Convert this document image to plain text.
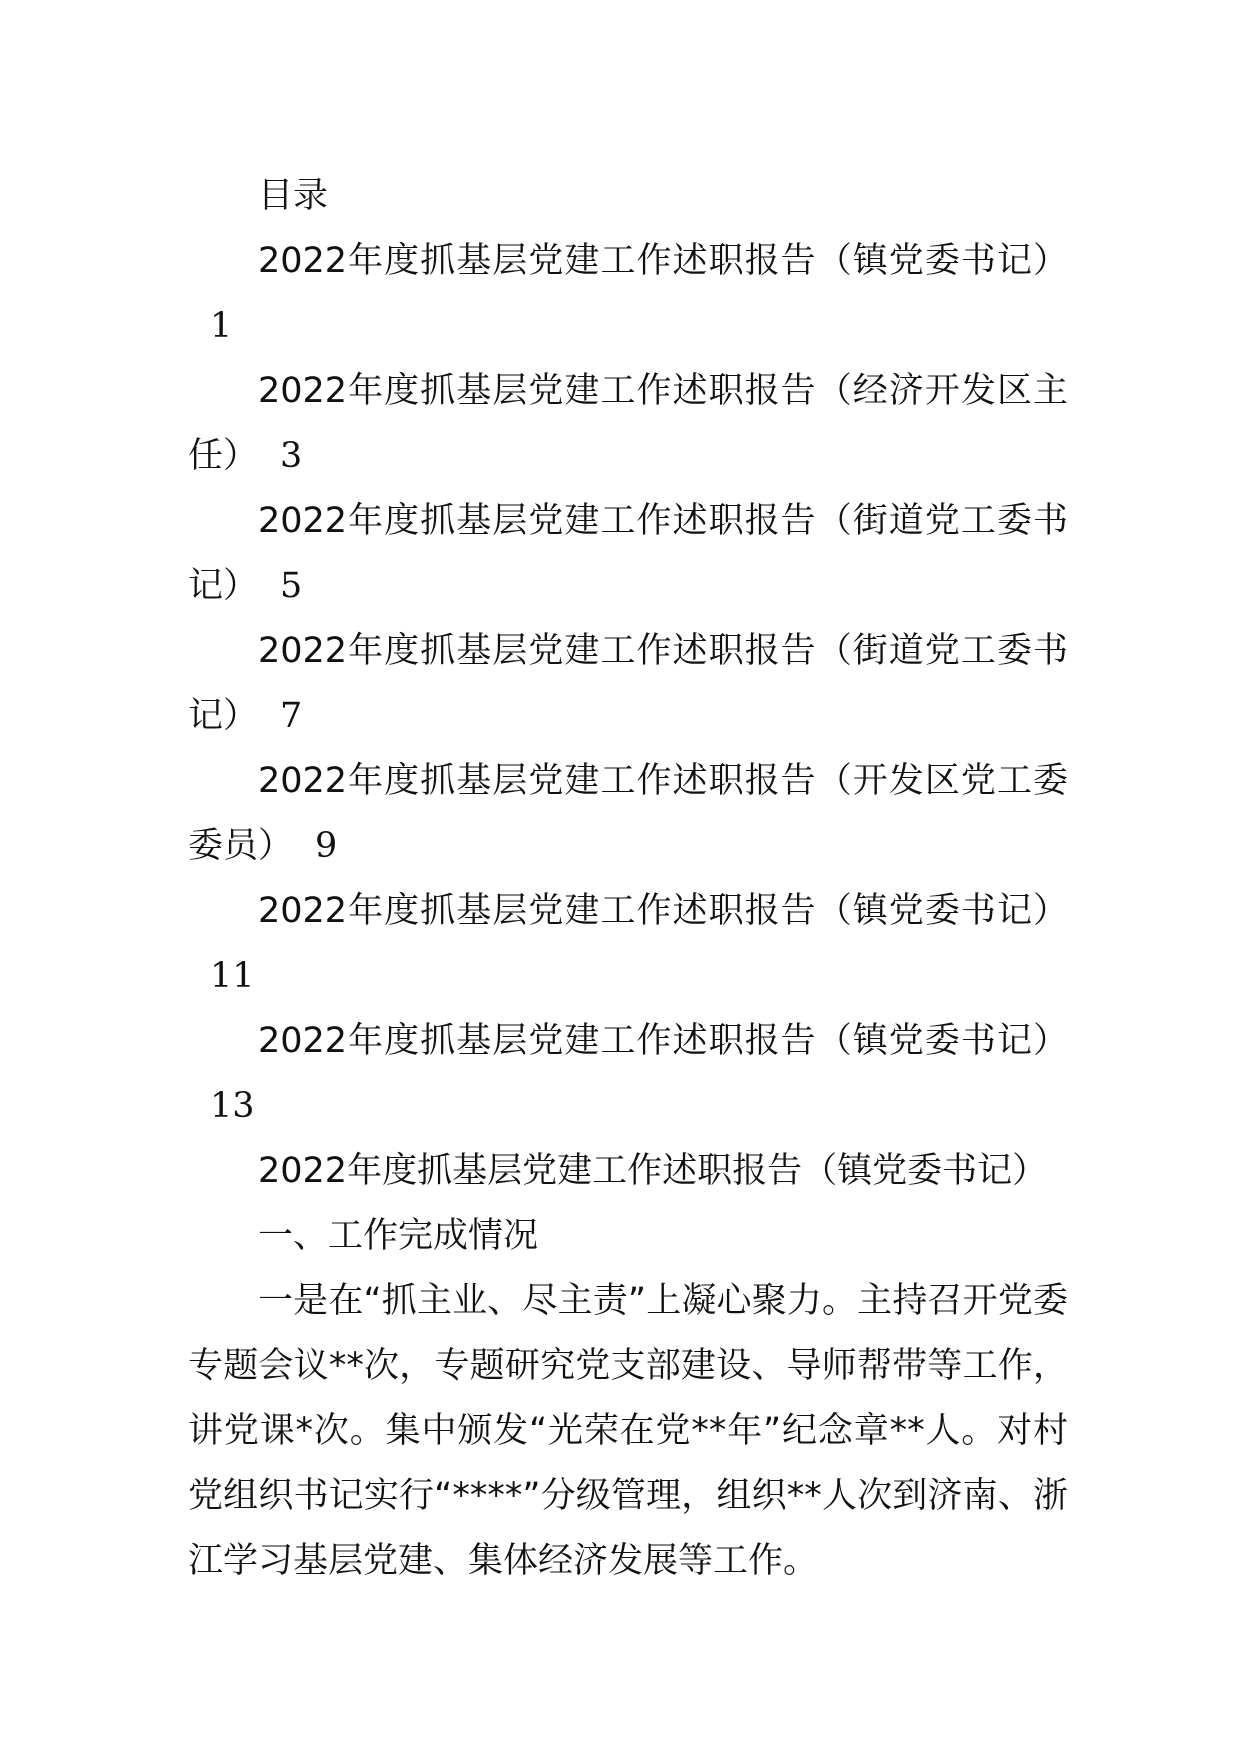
目录

2022年度抓基层党建工作述职报告（镇党委书记）1

2022年度抓基层党建工作述职报告（经济开发区主任） 3

2022年度抓基层党建工作述职报告（街道党工委书记） 5

2022年度抓基层党建工作述职报告（街道党工委书记） 7

2022年度抓基层党建工作述职报告（开发区党工委委员） 9

2022年度抓基层党建工作述职报告（镇党委书记）11

2022年度抓基层党建工作述职报告（镇党委书记）13

2022年度抓基层党建工作述职报告（镇党委书记）

一、工作完成情况

一是在“抓主业、尽主责”上凝心聚力。主持召开党委专题会议**次，专题研究党支部建设、导师帮带等工作，讲党课*次。集中颁发“光荣在党**年”纪念章**人。对村党组织书记实行“****”分级管理，组织**人次到济南、浙江学习基层党建、集体经济发展等工作。
